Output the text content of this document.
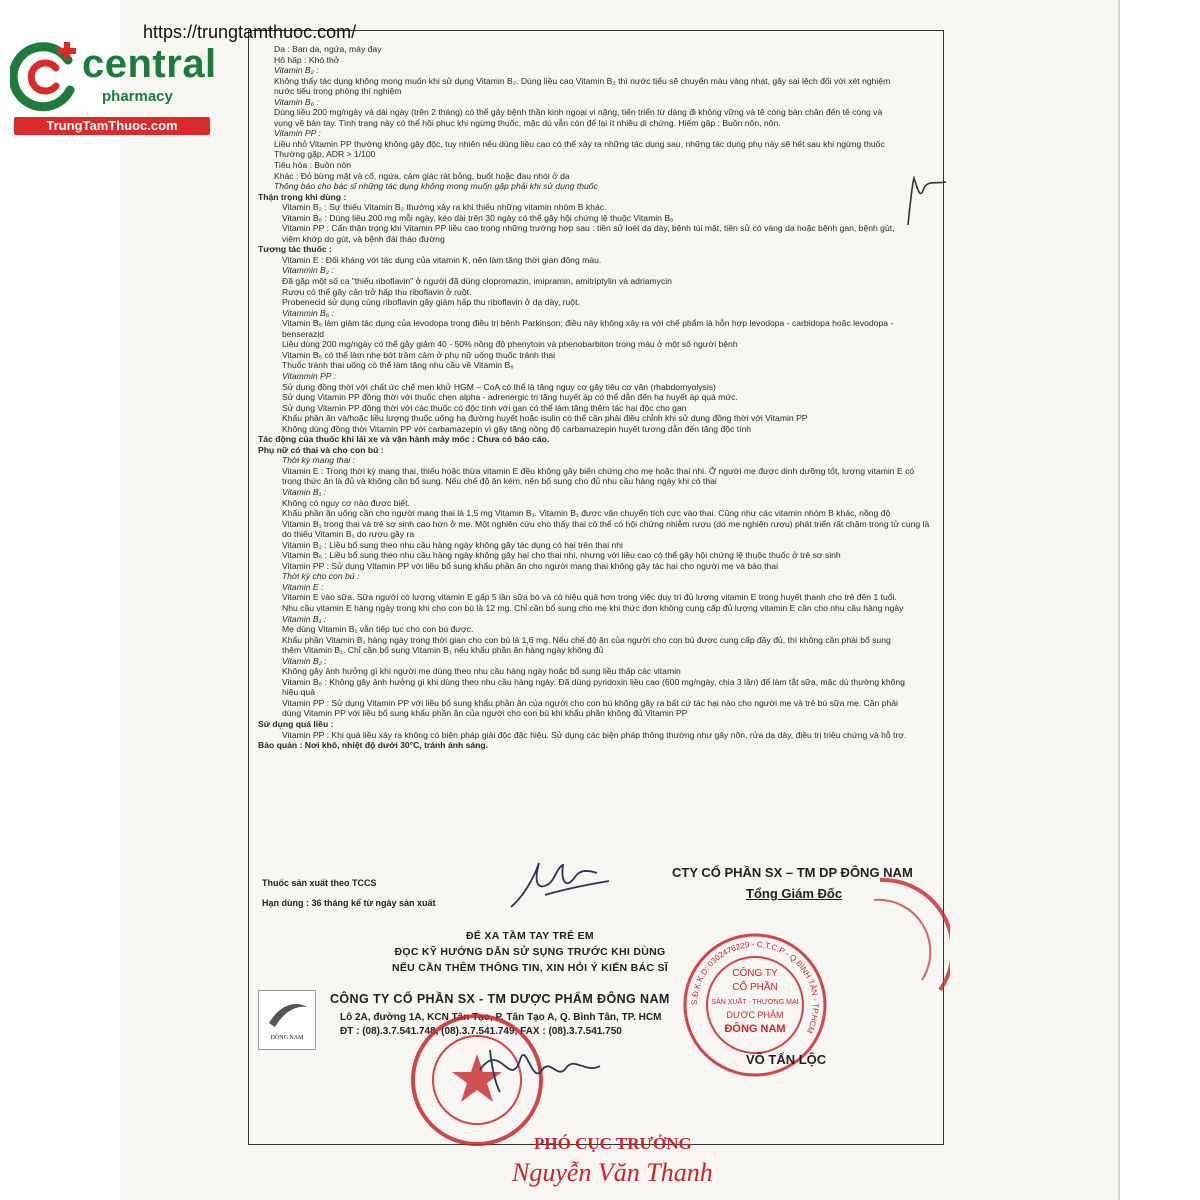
https://trungtamthuoc.com/
central
pharmacy
TrungTamThuoc.com
Da : Ban da, ngứa, máy đay
Hô hấp : Khó thở
Vitamin B₂ :
Không thấy tác dụng không mong muốn khi sử dụng Vitamin B₂. Dùng liều cao Vitamin B₂ thì nước tiểu sẽ chuyển màu vàng nhạt, gây sai lệch đối với xét nghiệm
nước tiểu trong phòng thí nghiệm
Vitamin B₆ :
Dùng liều 200 mg/ngày và dài ngày (trên 2 tháng) có thể gây bệnh thần kinh ngoại vi nặng, tiến triển từ dáng đi không vững và tê cóng bàn chân đến tê cóng và
vụng về bàn tay. Tình trạng này có thể hồi phục khi ngừng thuốc, mặc dù vẫn còn để lại ít nhiều di chứng. Hiếm gặp : Buồn nôn, nôn.
Vitamin PP :
Liều nhỏ Vitamin PP thường không gây độc, tuy nhiên nếu dùng liều cao có thể xảy ra những tác dụng sau, những tác dụng phụ này sẽ hết sau khi ngừng thuốc
Thường gặp, ADR > 1/100
Tiêu hóa : Buồn nôn
Khác : Đỏ bừng mặt và cổ, ngứa, cảm giác rát bỏng, buốt hoặc đau nhói ở da
Thông báo cho bác sĩ những tác dụng không mong muốn gặp phải khi sử dụng thuốc
Thận trọng khi dùng :
Vitamin B₂ : Sự thiếu Vitamin B₂ thường xảy ra khi thiếu những vitamin nhóm B khác.
Vitamin B₆ : Dùng liều 200 mg mỗi ngày, kéo dài trên 30 ngày có thể gây hội chứng lệ thuộc Vitamin B₆
Vitamin PP : Cẩn thận trọng khi Vitamin PP liều cao trong những trường hợp sau : tiền sử loét dạ dày, bệnh túi mật, tiền sử có vàng da hoặc bệnh gan, bệnh gút,
viêm khớp do gút, và bệnh đái tháo đường
Tương tác thuốc :
Vitamin E : Đối kháng với tác dụng của vitamin K, nên làm tăng thời gian đông máu.
Vitammin B₂ :
Đã gặp một số ca "thiếu riboflavin" ở người đã dùng clopromazin, imipramin, amitriptylin và adriamycin
Rượu có thể gây cản trở hấp thu riboflavin ở ruột.
Probenecid sử dụng cùng riboflavin gây giảm hấp thu riboflavin ở dạ dày, ruột.
Vitammin B₆ :
Vitamin B₆ làm giảm tác dụng của levodopa trong điều trị bệnh Parkinson; điều này không xảy ra với chế phẩm là hỗn hợp levodopa - carbidopa hoặc levodopa -
benserazid
Liều dùng 200 mg/ngày có thể gây giảm 40 - 50% nồng độ phenytoin và phenobarbiton trong máu ở một số người bệnh
Vitamin B₆ có thể làm nhẹ bớt trầm cảm ở phụ nữ uống thuốc tránh thai
Thuốc tránh thai uống có thể làm tăng nhu cầu về Vitamin B₆
Vitammin PP :
Sử dụng đồng thời với chất ức chế men khử HGM – CoA có thể là tăng nguy cơ gây tiêu cơ vân (rhabdomyolysis)
Sử dụng Vitamin PP đồng thời với thuốc chẹn alpha - adrenergic trị tăng huyết áp có thể dẫn đến hạ huyết áp quá mức.
Sử dụng Vitamin PP đồng thời với các thuốc có độc tính với gan có thể làm tăng thêm tác hại độc cho gan
Khẩu phần ăn và/hoặc liều lượng thuốc uống hạ đường huyết hoặc isulin có thể cần phải điều chỉnh khi sử dụng đồng thời với Vitamin PP
Không dùng đồng thời Vitamin PP với carbamazepin vì gây tăng nồng độ carbamazepin huyết tương dẫn đến tăng độc tính
Tác động của thuốc khi lái xe và vận hành máy móc : Chưa có báo cáo.
Phụ nữ có thai và cho con bú :
Thời kỳ mang thai :
Vitamin E : Trong thời kỳ mang thai, thiếu hoặc thừa vitamin E đều không gây biến chứng cho mẹ hoặc thai nhi. Ở người mẹ được dinh dưỡng tốt, lượng vitamin E có
trong thức ăn là đủ và không cần bổ sung. Nếu chế độ ăn kém, nên bổ sung cho đủ nhu cầu hàng ngày khi có thai
Vitamin B₁ :
Không có nguy cơ nào được biết.
Khẩu phần ăn uống cần cho người mang thai là 1,5 mg Vitamin B₁. Vitamin B₁ được vận chuyển tích cực vào thai. Cũng như các vitamin nhóm B khác, nồng độ
Vitamin B₁ trong thai và trẻ sơ sinh cao hơn ở mẹ. Một nghiên cứu cho thấy thai có thể có hội chứng nhiễm rượu (do mẹ nghiện rượu) phát triển rất chậm trong tử cung là
do thiếu Vitamin B₁ do rượu gây ra
Vitamin B₂ : Liều bổ sung theo nhu cầu hàng ngày không gây tác dụng có hại trên thai nhi
Vitamin B₆ : Liều bổ sung theo nhu cầu hàng ngày không gây hại cho thai nhi, nhưng với liều cao có thể gây hội chứng lệ thuộc thuốc ở trẻ sơ sinh
Vitamin PP : Sử dụng Vitamin PP với liều bổ sung khẩu phần ăn cho người mang thai không gây tác hại cho người mẹ và bào thai
Thời kỳ cho con bú :
Vitamin E :
Vitamin E vào sữa. Sữa người có lượng vitamin E gấp 5 lần sữa bò và có hiệu quả hơn trong việc duy trì đủ lượng vitamin E trong huyết thanh cho trẻ đến 1 tuổi.
Nhu cầu vitamin E hàng ngày trong khi cho con bú là 12 mg. Chỉ cần bổ sung cho mẹ khi thức đơn không cung cấp đủ lượng vitamin E cần cho nhu cầu hàng ngày
Vitamin B₁ :
Mẹ dùng Vitamin B₁ vẫn tiếp tục cho con bú được.
Khẩu phần Vitamin B₁ hàng ngày trong thời gian cho con bú là 1,6 mg. Nếu chế độ ăn của người cho con bú được cung cấp đầy đủ, thì không cần phải bổ sung
thêm Vitamin B₁. Chỉ cần bổ sung Vitamin B₁ nếu khẩu phần ăn hàng ngày không đủ
Vitamin B₂ :
Không gây ảnh hưởng gì khi người mẹ dùng theo nhu cầu hàng ngày hoặc bổ sung liều thấp các vitamin
Vitamin B₆ : Không gây ảnh hưởng gì khi dùng theo nhu cầu hàng ngày. Đã dùng pyridoxin liều cao (600 mg/ngày, chia 3 lần) để làm tắt sữa, mặc dù thường không
hiệu quả
Vitamin PP : Sử dụng Vitamin PP với liều bổ sung khẩu phần ăn của người cho con bú không gây ra bất cứ tác hại nào cho người mẹ và trẻ bú sữa mẹ. Cần phải
dùng Vitamin PP với liều bổ sung khẩu phần ăn của người cho con bú khi khẩu phần không đủ Vitamin PP
Sử dụng quá liều :
Vitamin PP : Khi quá liều xảy ra không có biện pháp giải độc đặc hiệu. Sử dụng các biện pháp thông thường như gây nôn, rửa dạ dày, điều trị triệu chứng và hỗ trợ.
Bảo quản : Nơi khô, nhiệt độ dưới 30°C, tránh ánh sáng.
Thuốc sản xuất theo TCCS
Hạn dùng : 36 tháng kể từ ngày sản xuất
CTY CỔ PHẦN SX – TM DP ĐÔNG NAM
Tổng Giám Đốc
ĐỂ XA TẦM TAY TRẺ EM
ĐỌC KỸ HƯỚNG DẪN SỬ SỤNG TRƯỚC KHI DÙNG
NẾU CẦN THÊM THÔNG TIN, XIN HỎI Ý KIẾN BÁC SĨ
ĐÔNG NAM
CÔNG TY CỔ PHẦN SX - TM DƯỢC PHẨM ĐÔNG NAM
Lô 2A, đường 1A, KCN Tân Tạo, P. Tân Tạo A, Q. Bình Tân, TP. HCM
ĐT : (08).3.7.541.748, (08).3.7.541.749, FAX : (08).3.7.541.750
CÔNG TY
CỔ PHẦN
SẢN XUẤT - THƯƠNG MẠI
DƯỢC PHẨM
ĐÔNG NAM
S.Đ.K.K.D: 0302476229 - C.T.C.P - Q.BÌNH TÂN - TP.HCM
VÕ TẤN LỘC
PHÓ CỤC TRƯỞNG
Nguyễn Văn Thanh
